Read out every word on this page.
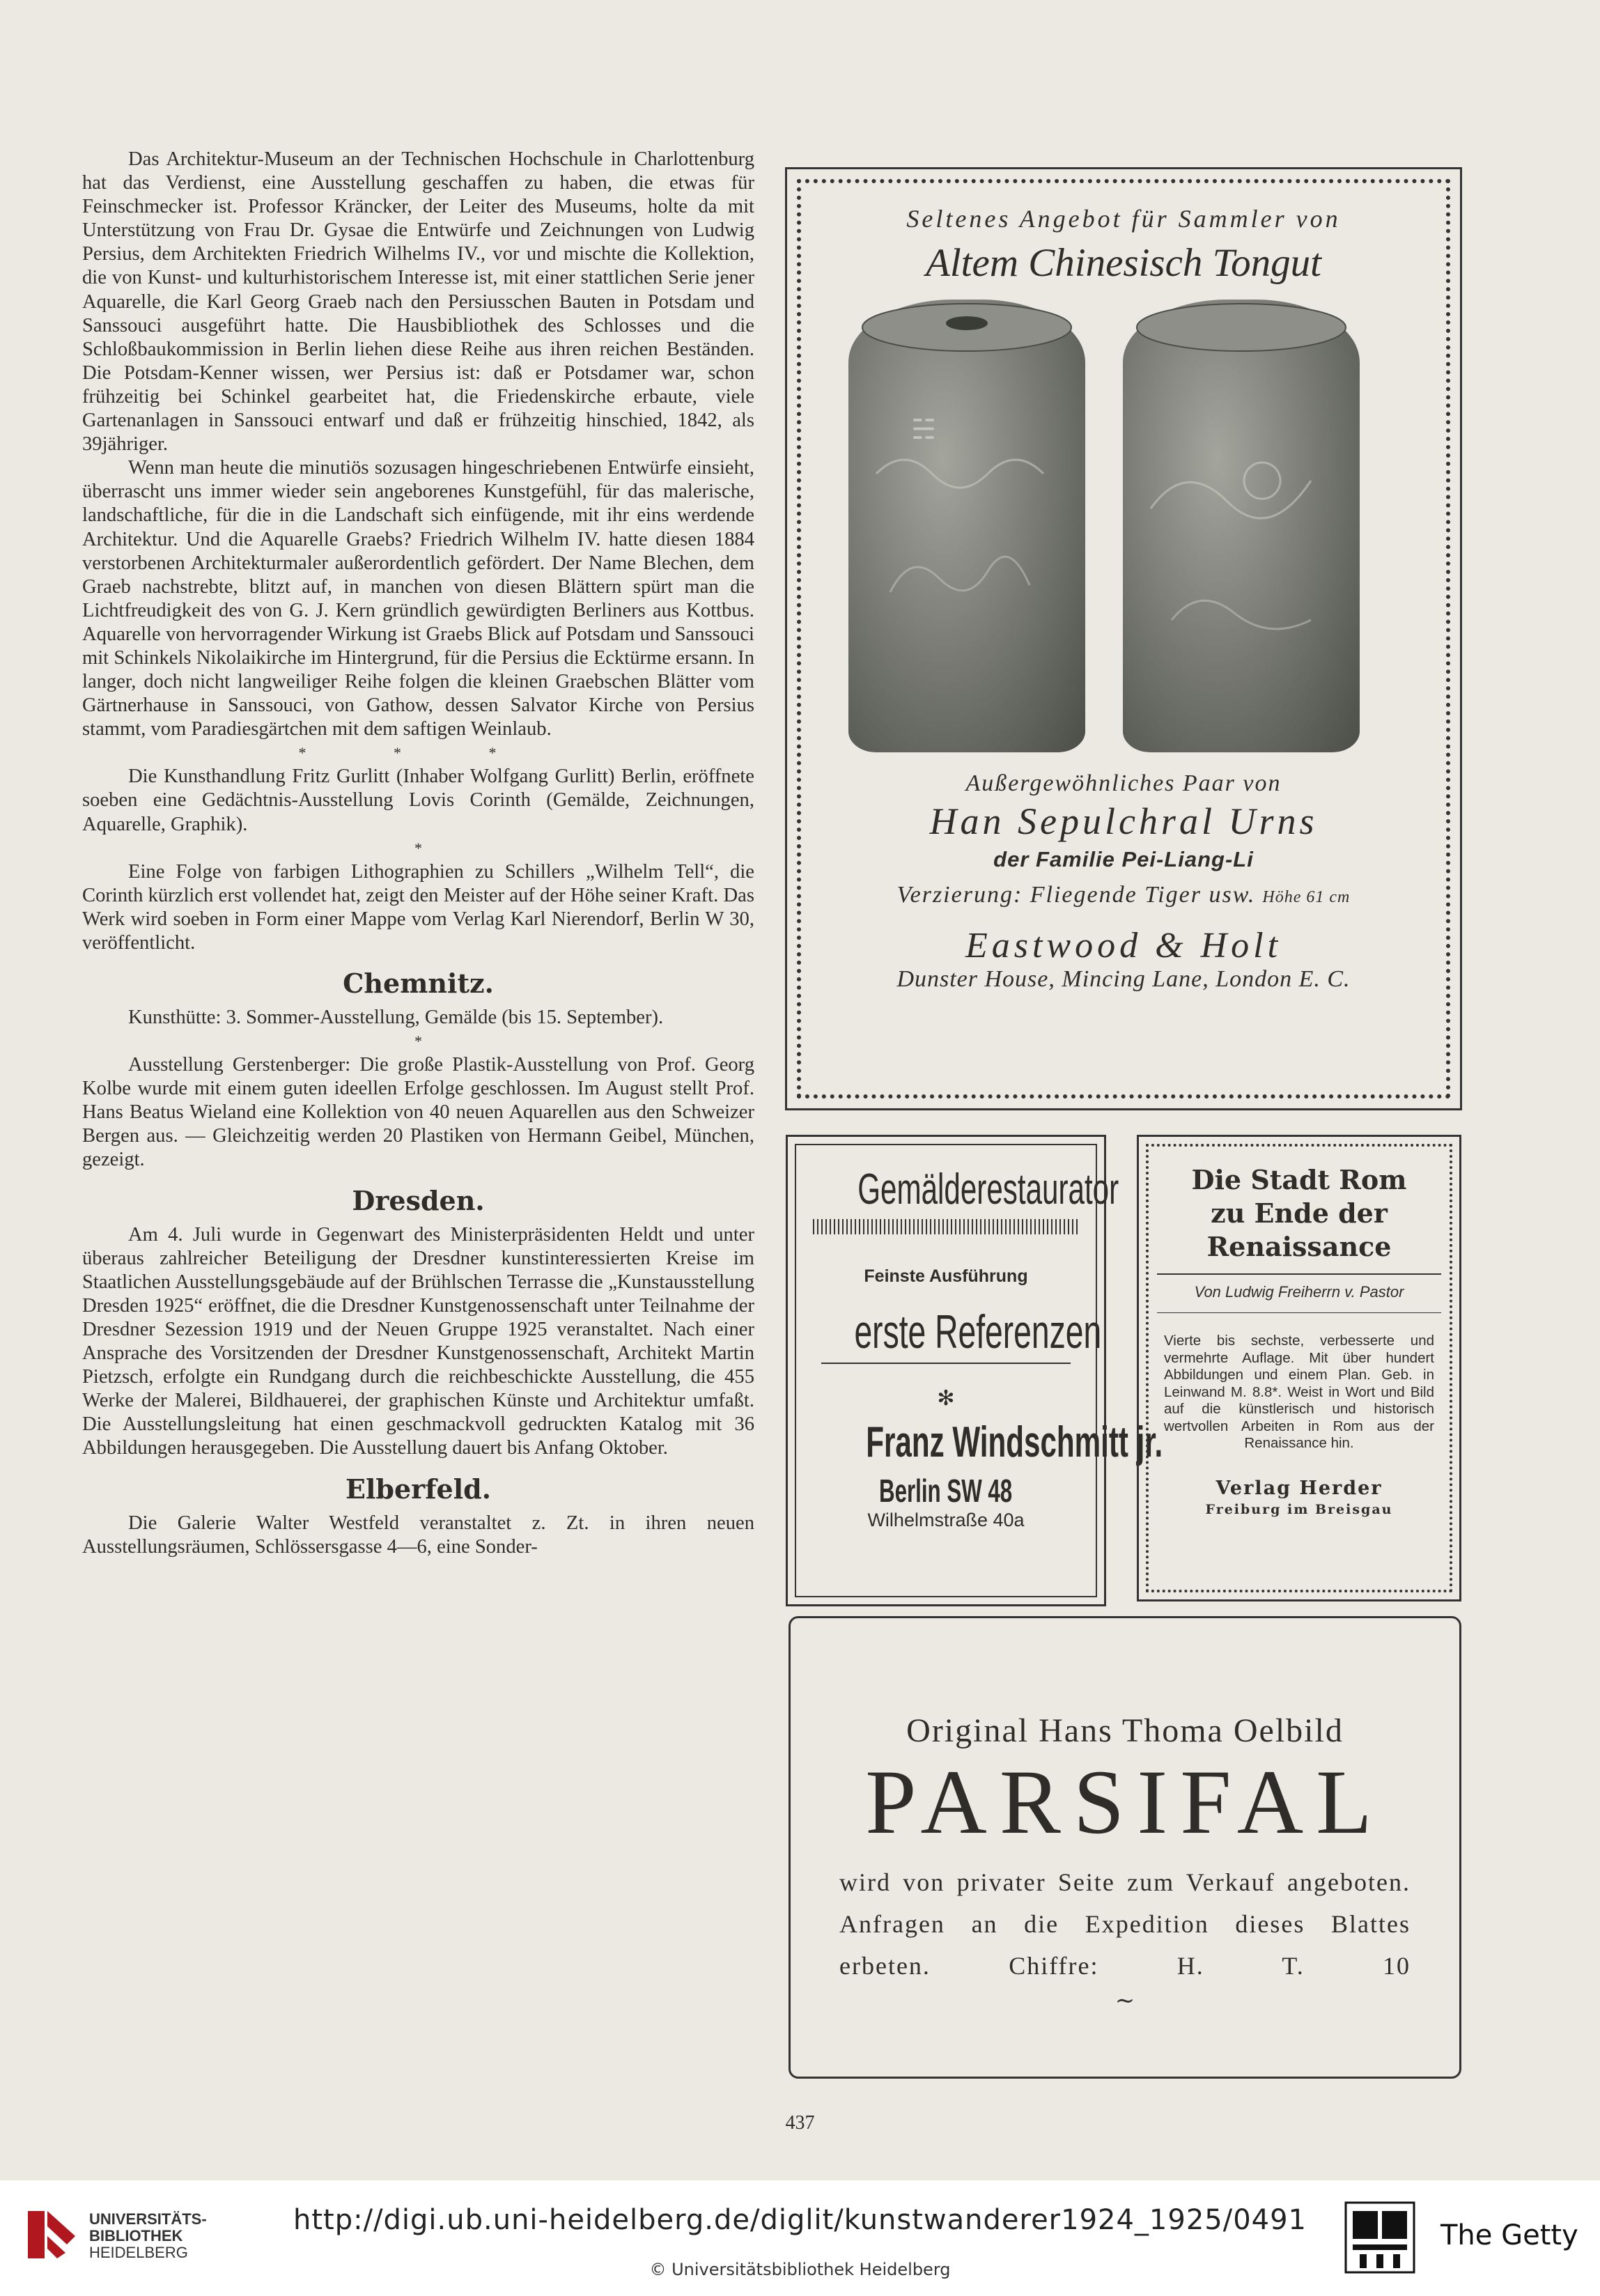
Das Architektur-Museum an der Technischen Hochschule in Charlottenburg hat das Verdienst, eine Ausstellung geschaffen zu haben, die etwas für Feinschmecker ist. Professor Kräncker, der Leiter des Museums, holte da mit Unterstützung von Frau Dr. Gysae die Entwürfe und Zeichnungen von Ludwig Persius, dem Architekten Friedrich Wilhelms IV., vor und mischte die Kollektion, die von Kunst- und kulturhistorischem Interesse ist, mit einer stattlichen Serie jener Aquarelle, die Karl Georg Graeb nach den Persiusschen Bauten in Potsdam und Sanssouci ausgeführt hatte. Die Hausbibliothek des Schlosses und die Schloßbaukommission in Berlin liehen diese Reihe aus ihren reichen Beständen. Die Potsdam-Kenner wissen, wer Persius ist: daß er Potsdamer war, schon frühzeitig bei Schinkel gearbeitet hat, die Friedenskirche erbaute, viele Gartenanlagen in Sanssouci entwarf und daß er frühzeitig hinschied, 1842, als 39jähriger.

Wenn man heute die minutiös sozusagen hingeschriebenen Entwürfe einsieht, überrascht uns immer wieder sein angeborenes Kunstgefühl, für das malerische, landschaftliche, für die in die Landschaft sich einfügende, mit ihr eins werdende Architektur. Und die Aquarelle Graebs? Friedrich Wilhelm IV. hatte diesen 1884 verstorbenen Architekturmaler außerordentlich gefördert. Der Name Blechen, dem Graeb nachstrebte, blitzt auf, in manchen von diesen Blättern spürt man die Lichtfreudigkeit des von G. J. Kern gründlich gewürdigten Berliners aus Kottbus. Aquarelle von hervorragender Wirkung ist Graebs Blick auf Potsdam und Sanssouci mit Schinkels Nikolaikirche im Hintergrund, für die Persius die Ecktürme ersann. In langer, doch nicht langweiliger Reihe folgen die kleinen Graebschen Blätter vom Gärtnerhause in Sanssouci, von Gathow, dessen Salvator Kirche von Persius stammt, vom Paradiesgärtchen mit dem saftigen Weinlaub.

* * *

Die Kunsthandlung Fritz Gurlitt (Inhaber Wolfgang Gurlitt) Berlin, eröffnete soeben eine Gedächtnis-Ausstellung Lovis Corinth (Gemälde, Zeichnungen, Aquarelle, Graphik).

*

Eine Folge von farbigen Lithographien zu Schillers „Wilhelm Tell“, die Corinth kürzlich erst vollendet hat, zeigt den Meister auf der Höhe seiner Kraft. Das Werk wird soeben in Form einer Mappe vom Verlag Karl Nierendorf, Berlin W 30, veröffentlicht.

Chemnitz.

Kunsthütte: 3. Sommer-Ausstellung, Gemälde (bis 15. September).

*

Ausstellung Gerstenberger: Die große Plastik-Ausstellung von Prof. Georg Kolbe wurde mit einem guten ideellen Erfolge geschlossen. Im August stellt Prof. Hans Beatus Wieland eine Kollektion von 40 neuen Aquarellen aus den Schweizer Bergen aus. — Gleichzeitig werden 20 Plastiken von Hermann Geibel, München, gezeigt.

Dresden.

Am 4. Juli wurde in Gegenwart des Ministerpräsidenten Heldt und unter überaus zahlreicher Beteiligung der Dresdner kunstinteressierten Kreise im Staatlichen Ausstellungsgebäude auf der Brühlschen Terrasse die „Kunstausstellung Dresden 1925“ eröffnet, die die Dresdner Kunstgenossenschaft unter Teilnahme der Dresdner Sezession 1919 und der Neuen Gruppe 1925 veranstaltet. Nach einer Ansprache des Vorsitzenden der Dresdner Kunstgenossenschaft, Architekt Martin Pietzsch, erfolgte ein Rundgang durch die reichbeschickte Ausstellung, die 455 Werke der Malerei, Bildhauerei, der graphischen Künste und Architektur umfaßt. Die Ausstellungsleitung hat einen geschmackvoll gedruckten Katalog mit 36 Abbildungen herausgegeben. Die Ausstellung dauert bis Anfang Oktober.

Elberfeld.

Die Galerie Walter Westfeld veranstaltet z. Zt. in ihren neuen Ausstellungsräumen, Schlössersgasse 4—6, eine Sonder-

Seltenes Angebot für Sammler von
Altem Chinesisch Tongut
☵
Außergewöhnliches Paar von
Han Sepulchral Urns
der Familie Pei-Liang-Li
Verzierung: Fliegende Tiger usw. Höhe 61 cm
Eastwood & Holt
Dunster House, Mincing Lane, London E. C.
Gemälderestaurator
Feinste Ausführung
erste Referenzen
✻
Franz Windschmitt jr.
Berlin SW 48
Wilhelmstraße 40a
Die Stadt Rom
zu Ende der Renaissance
Von Ludwig Freiherrn v. Pastor
Vierte bis sechste, verbesserte und vermehrte Auflage. Mit über hundert Abbildungen und einem Plan. Geb. in Leinwand M. 8.8*. Weist in Wort und Bild auf die künstlerisch und historisch wertvollen Arbeiten in Rom aus der Renaissance hin.
Verlag Herder
Freiburg im Breisgau
Original Hans Thoma Oelbild
PARSIFAL
wird von privater Seite zum Verkauf angeboten. Anfragen an die Expedition dieses Blattes erbeten. Chiffre: H. T. 10
∼
437
UNIVERSITÄTS-
BIBLIOTHEK
HEIDELBERG
http://digi.ub.uni-heidelberg.de/diglit/kunstwanderer1924_1925/0491
© Universitätsbibliothek Heidelberg
The Getty
